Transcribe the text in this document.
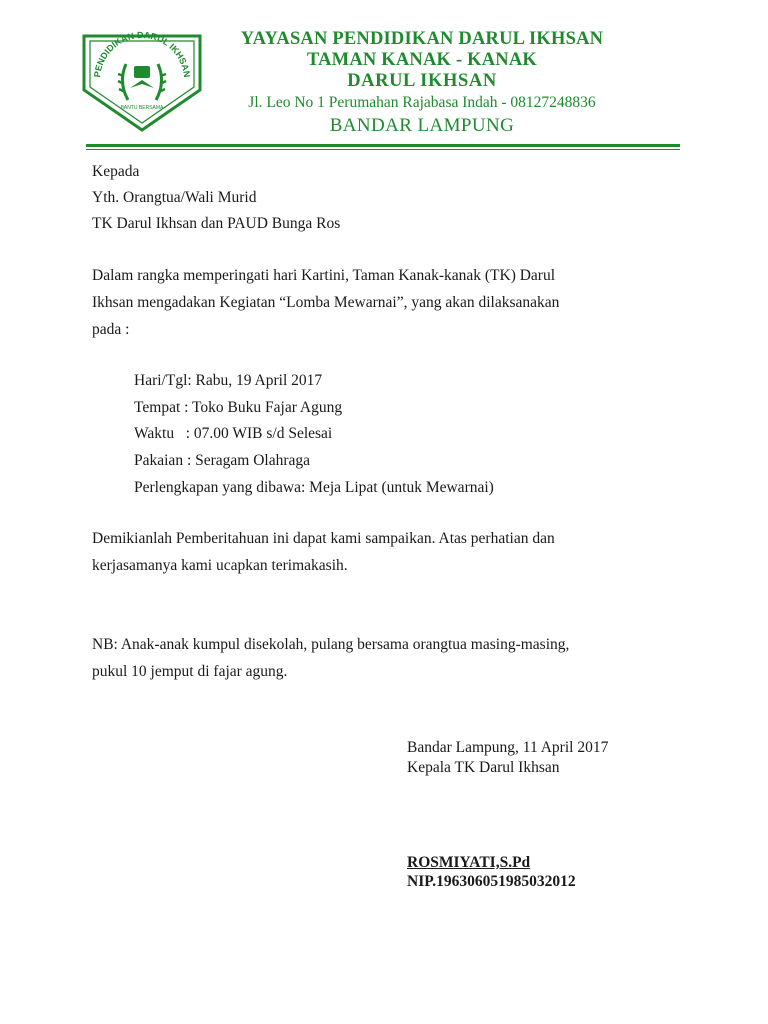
PENDIDIKAN DARUL IKHSAN
BANTU BERSAMA
YAYASAN PENDIDIKAN DARUL IKHSAN
TAMAN KANAK - KANAK
DARUL IKHSAN
Jl. Leo No 1 Perumahan Rajabasa Indah - 08127248836
BANDAR LAMPUNG
Kepada
Yth. Orangtua/Wali Murid
TK Darul Ikhsan dan PAUD Bunga Ros
Dalam rangka memperingati hari Kartini, Taman Kanak-kanak (TK) Darul
Ikhsan mengadakan Kegiatan “Lomba Mewarnai”, yang akan dilaksanakan
pada :
Hari/Tgl: Rabu, 19 April 2017
Tempat : Toko Buku Fajar Agung
Waktu   : 07.00 WIB s/d Selesai
Pakaian : Seragam Olahraga
Perlengkapan yang dibawa: Meja Lipat (untuk Mewarnai)
Demikianlah Pemberitahuan ini dapat kami sampaikan. Atas perhatian dan
kerjasamanya kami ucapkan terimakasih.
NB: Anak-anak kumpul disekolah, pulang bersama orangtua masing-masing,
pukul 10 jemput di fajar agung.
Bandar Lampung, 11 April 2017
Kepala TK Darul Ikhsan
ROSMIYATI,S.Pd
NIP.196306051985032012
